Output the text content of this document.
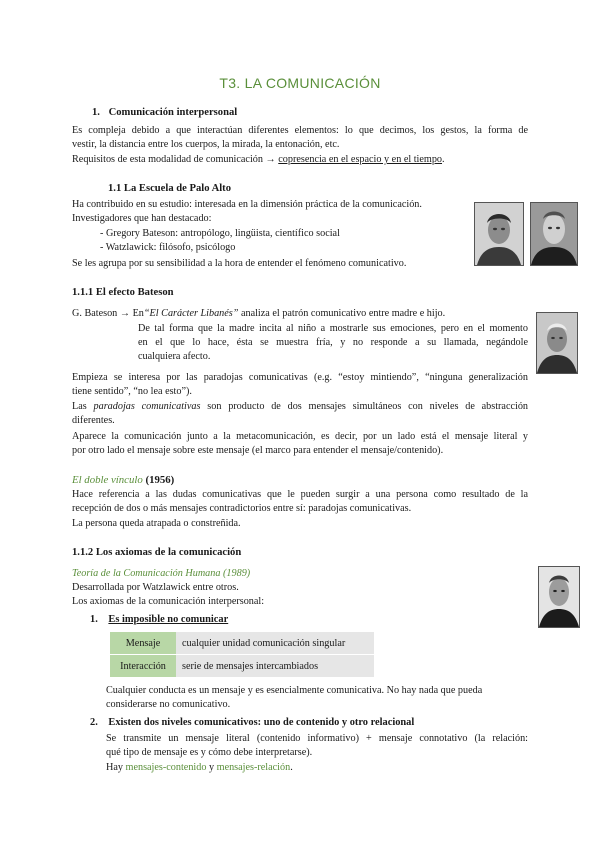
T3. LA COMUNICACIÓN
1. Comunicación interpersonal
Es compleja debido a que interactúan diferentes elementos: lo que decimos, los gestos, la forma de
vestir, la distancia entre los cuerpos, la mirada, la entonación, etc.
Requisitos de esta modalidad de comunicación → copresencia en el espacio y en el tiempo.
1.1 La Escuela de Palo Alto
Ha contribuido en su estudio: interesada en la dimensión práctica de la comunicación.
Investigadores que han destacado:
- Gregory Bateson: antropólogo, lingüista, científico social
- Watzlawick: filósofo, psicólogo
Se les agrupa por su sensibilidad a la hora de entender el fenómeno comunicativo.
1.1.1 El efecto Bateson
G. Bateson → En“El Carácter Libanés” analiza el patrón comunicativo entre madre e hijo.
De tal forma que la madre incita al niño a mostrarle sus emociones, pero en el momento
en el que lo hace, ésta se muestra fría, y no responde a su llamada, negándole
cualquiera afecto.
Empieza se interesa por las paradojas comunicativas (e.g. “estoy mintiendo”, “ninguna generalización
tiene sentido”, “no lea esto”).
Las paradojas comunicativas son producto de dos mensajes simultáneos con niveles de abstracción
diferentes.
Aparece la comunicación junto a la metacomunicación, es decir, por un lado está el mensaje literal y
por otro lado el mensaje sobre este mensaje (el marco para entender el mensaje/contenido).
El doble vínculo (1956)
Hace referencia a las dudas comunicativas que le pueden surgir a una persona como resultado de la
recepción de dos o más mensajes contradictorios entre sí: paradojas comunicativas.
La persona queda atrapada o constreñida.
1.1.2 Los axiomas de la comunicación
Teoría de la Comunicación Humana (1989)
Desarrollada por Watzlawick entre otros.
Los axiomas de la comunicación interpersonal:
1. Es imposible no comunicar
Mensaje	cualquier unidad comunicación singular
Interacción	serie de mensajes intercambiados
Cualquier conducta es un mensaje y es esencialmente comunicativa. No hay nada que pueda
considerarse no comunicativo.
2. Existen dos niveles comunicativos: uno de contenido y otro relacional
Se transmite un mensaje literal (contenido informativo) + mensaje connotativo (la relación:
qué tipo de mensaje es y cómo debe interpretarse).
Hay mensajes-contenido y mensajes-relación.
